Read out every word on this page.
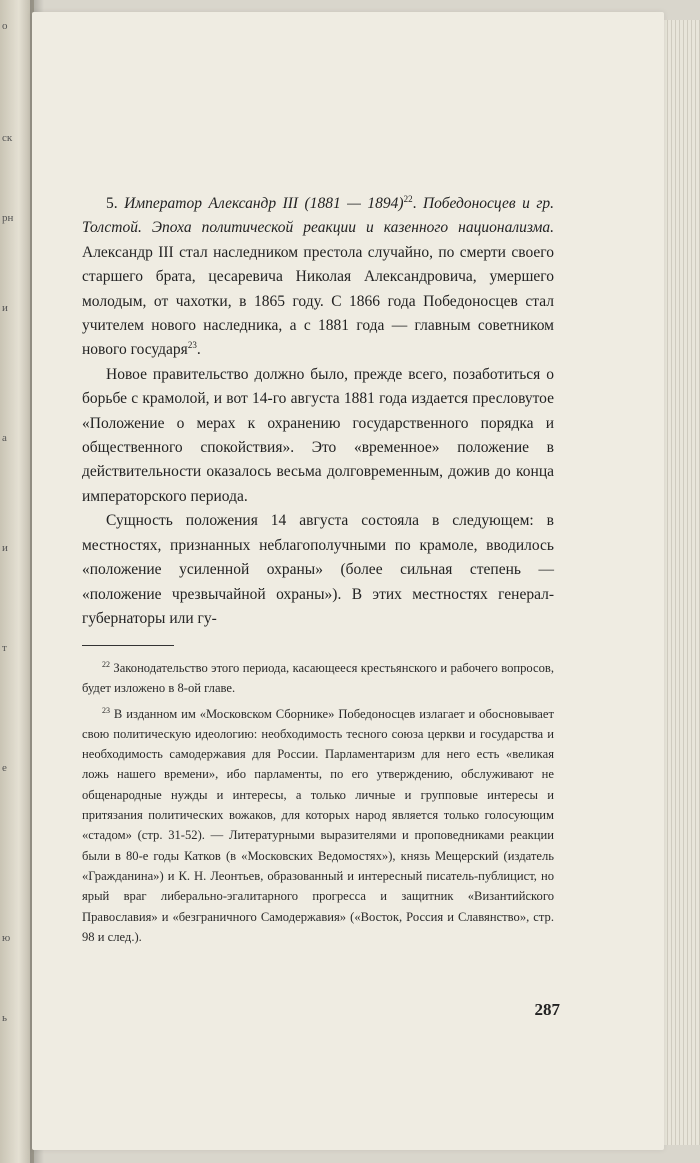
о
ск
рн
и
а
и
т
е
ю
ь

5. Император Александр III (1881 — 1894)$^{22}$. Победоносцев и гр. Толстой. Эпоха политической реакции и казенного национализма. Александр III стал наследником престола случайно, по смерти своего старшего брата, цесаревича Николая Александровича, умершего молодым, от чахотки, в 1865 году. С 1866 года Победоносцев стал учителем нового наследника, а с 1881 года — главным советником нового государя$^{23}$.

Новое правительство должно было, прежде всего, позаботиться о борьбе с крамолой, и вот 14-го августа 1881 года издается пресловутое «Положение о мерах к охранению государственного порядка и общественного спокойствия». Это «временное» положение в действительности оказалось весьма долговременным, дожив до конца императорского периода.

Сущность положения 14 августа состояла в следующем: в местностях, признанных неблагополучными по крамоле, вводилось «положение усиленной охраны» (более сильная степень — «положение чрезвычайной охраны»). В этих местностях генерал-губернаторы или гу-

$^{22}$ Законодательство этого периода, касающееся крестьянского и рабочего вопросов, будет изложено в 8-ой главе.

$^{23}$ В изданном им «Московском Сборнике» Победоносцев излагает и обосновывает свою политическую идеологию: необходимость тесного союза церкви и государства и необходимость самодержавия для России. Парламентаризм для него есть «великая ложь нашего времени», ибо парламенты, по его утверждению, обслуживают не общенародные нужды и интересы, а только личные и групповые интересы и притязания политических вожаков, для которых народ является только голосующим «стадом» (стр. 31-52). — Литературными выразителями и проповедниками реакции были в 80-е годы Катков (в «Московских Ведомостях»), князь Мещерский (издатель «Гражданина») и К. Н. Леонтьев, образованный и интересный писатель-публицист, но ярый враг либерально-эгалитарного прогресса и защитник «Византийского Православия» и «безграничного Самодержавия» («Восток, Россия и Славянство», стр. 98 и след.).

287
